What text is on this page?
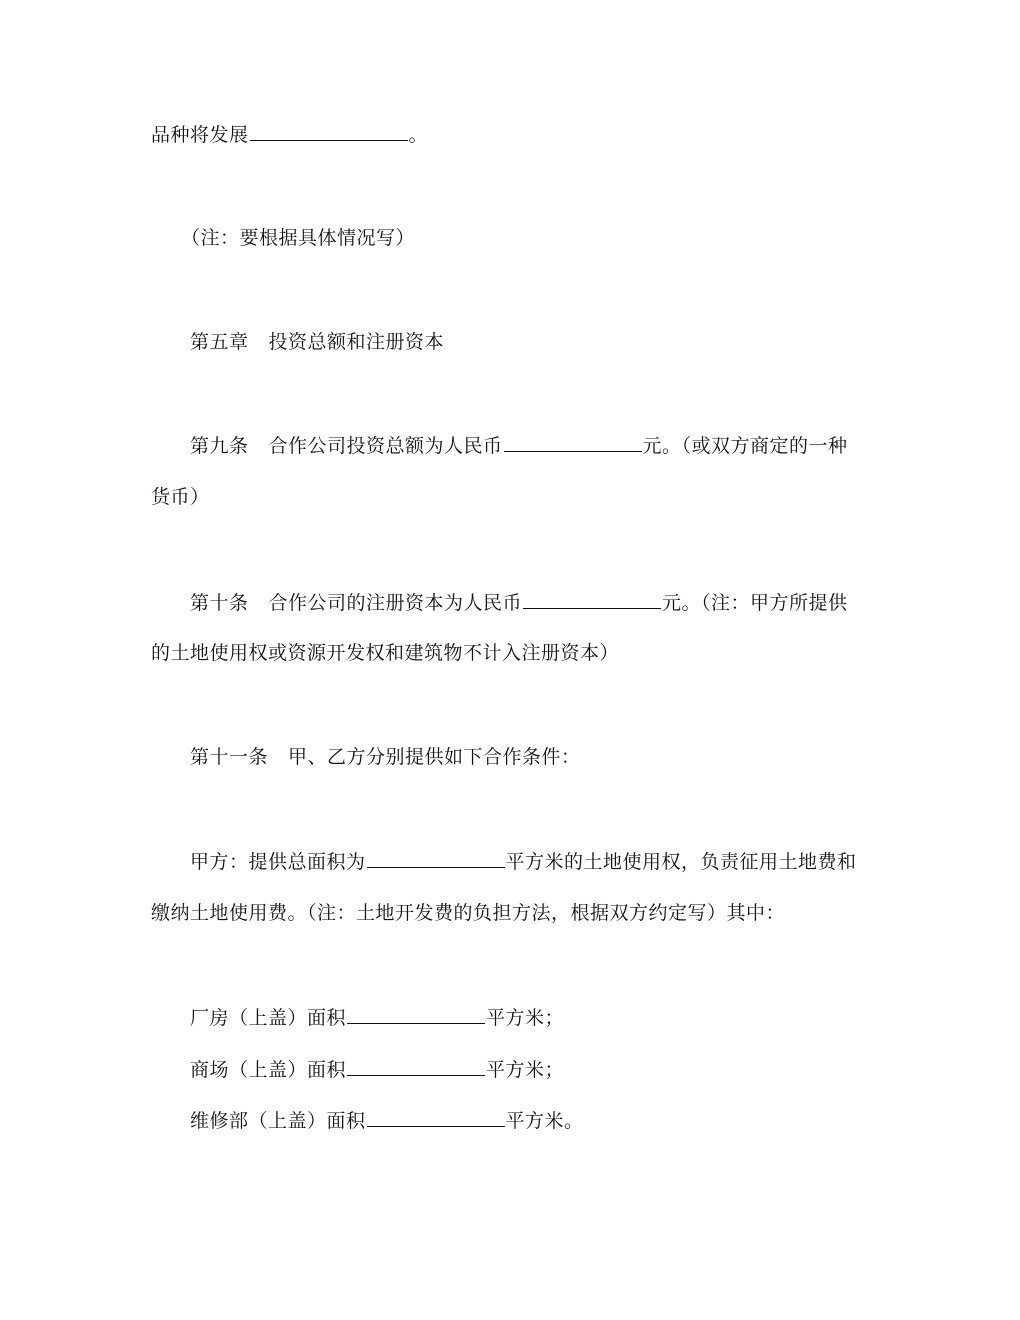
品种将发展	。
（注：要根据具体情况写）
第五章 投资总额和注册资本
第九条 合作公司投资总额为人民币	元。（或双方商定的一种
货币）
第十条 合作公司的注册资本为人民币	元。（注：甲方所提供
的土地使用权或资源开发权和建筑物不计入注册资本）
第十一条 甲、乙方分别提供如下合作条件：
甲方：提供总面积为	平方米的土地使用权，负责征用土地费和
缴纳土地使用费。（注：土地开发费的负担方法，根据双方约定写）其中：
厂房（上盖）面积	平方米；
商场（上盖）面积	平方米；
维修部（上盖）面积	平方米。
